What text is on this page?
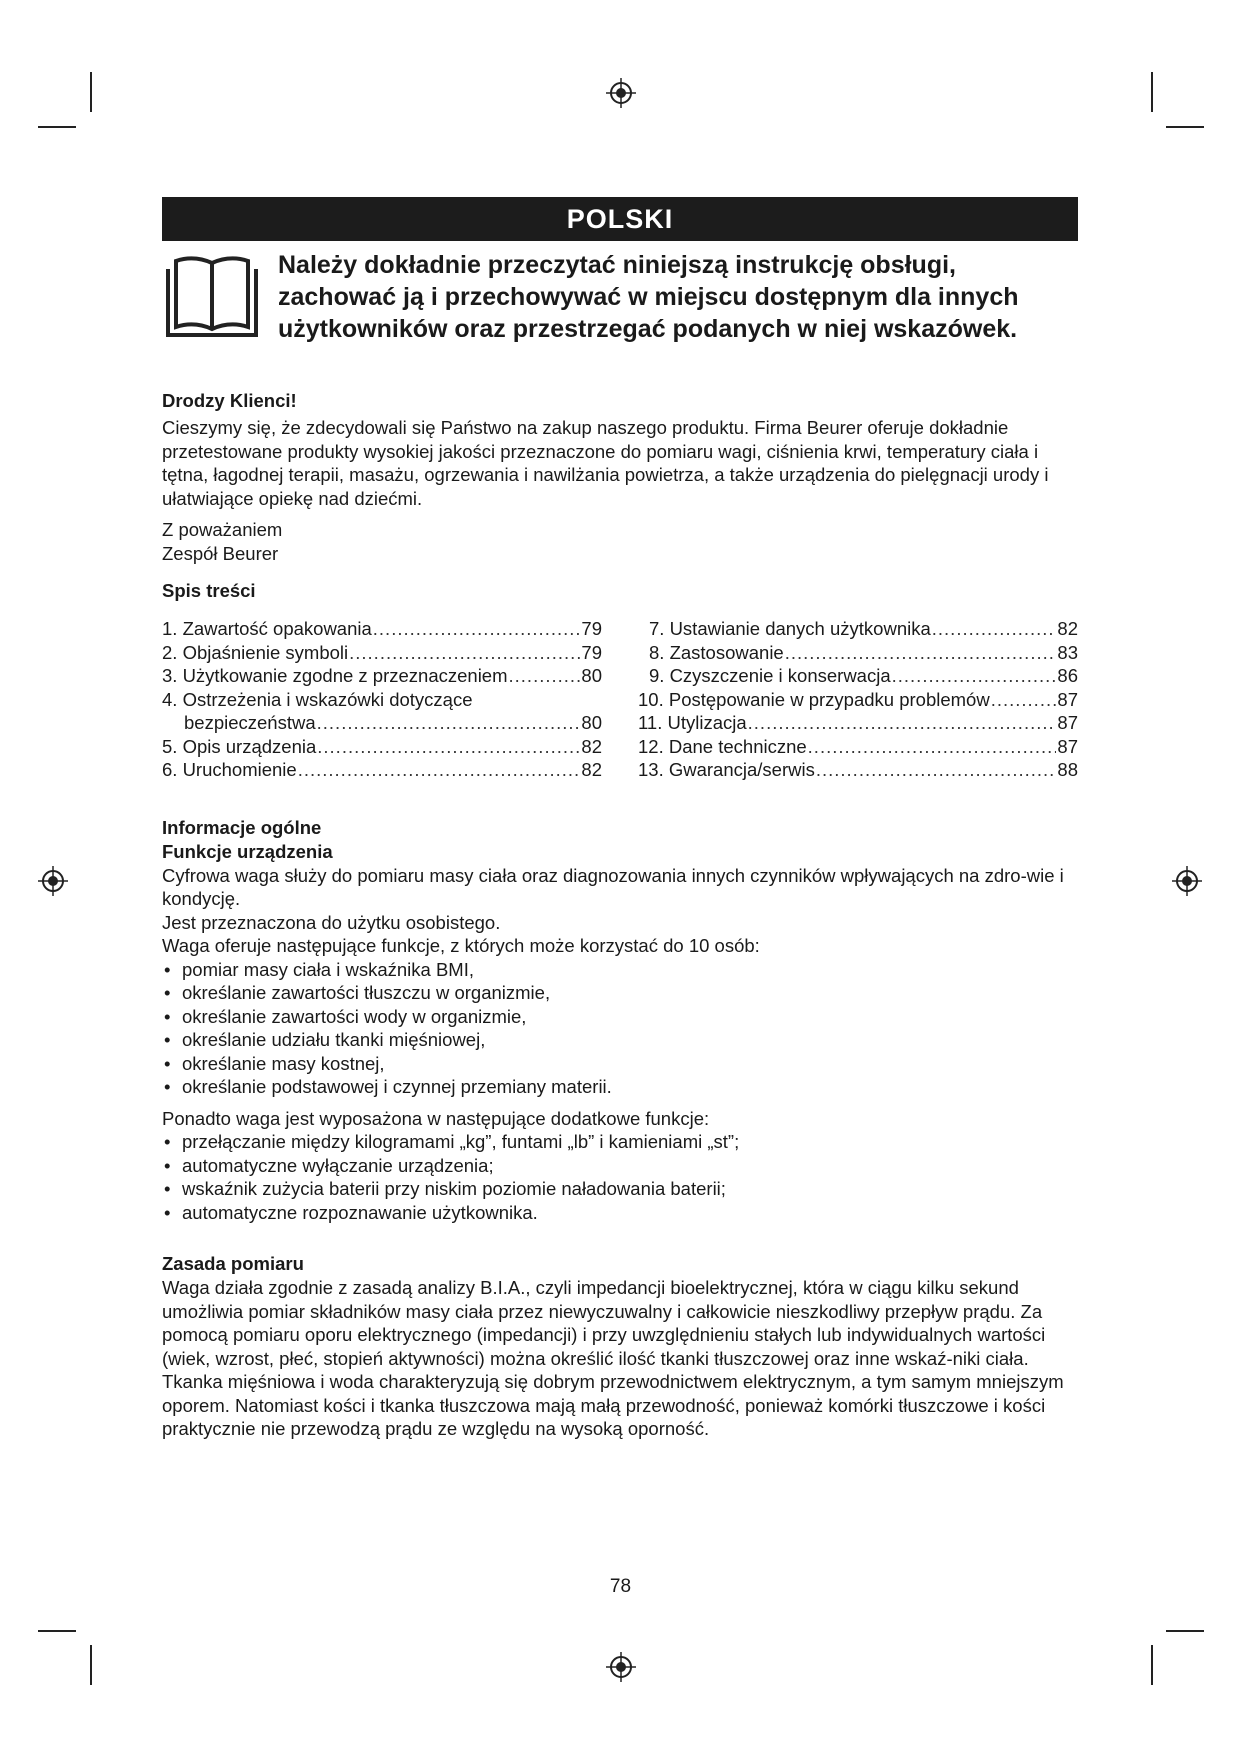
POLSKI
Należy dokładnie przeczytać niniejszą instrukcję obsługi, zachować ją i przechowywać w miejscu dostępnym dla innych użytkowników oraz przestrzegać podanych w niej wskazówek.

Drodzy Klienci!

Cieszymy się, że zdecydowali się Państwo na zakup naszego produktu. Firma Beurer oferuje dokładnie przetestowane produkty wysokiej jakości przeznaczone do pomiaru wagi, ciśnienia krwi, temperatury ciała i tętna, łagodnej terapii, masażu, ogrzewania i nawilżania powietrza, a także urządzenia do pielęgnacji urody i ułatwiające opiekę nad dziećmi.

Z poważaniem

Zespół Beurer

Spis treści

1. Zawartość opakowania .....	79
2. Objaśnienie symboli .....	79
3. Użytkowanie zgodne z przeznaczeniem .....	80
4. Ostrzeżenia i wskazówki dotyczące
bezpieczeństwa .....	80
5. Opis urządzenia .....	82
6. Uruchomienie .....	82
7. Ustawianie danych użytkownika .....	82
8. Zastosowanie .....	83
9. Czyszczenie i konserwacja .....	86
10. Postępowanie w przypadku problemów .....	87
11. Utylizacja .....	87
12. Dane techniczne .....	87
13. Gwarancja/serwis .....	88

Informacje ogólne

Funkcje urządzenia

Cyfrowa waga służy do pomiaru masy ciała oraz diagnozowania innych czynników wpływających na zdro-wie i kondycję.

Jest przeznaczona do użytku osobistego.

Waga oferuje następujące funkcje, z których może korzystać do 10 osób:

• pomiar masy ciała i wskaźnika BMI,
• określanie zawartości tłuszczu w organizmie,
• określanie zawartości wody w organizmie,
• określanie udziału tkanki mięśniowej,
• określanie masy kostnej,
• określanie podstawowej i czynnej przemiany materii.

Ponadto waga jest wyposażona w następujące dodatkowe funkcje:

• przełączanie między kilogramami „kg”, funtami „lb” i kamieniami „st”;
• automatyczne wyłączanie urządzenia;
• wskaźnik zużycia baterii przy niskim poziomie naładowania baterii;
• automatyczne rozpoznawanie użytkownika.

Zasada pomiaru

Waga działa zgodnie z zasadą analizy B.I.A., czyli impedancji bioelektrycznej, która w ciągu kilku sekund umożliwia pomiar składników masy ciała przez niewyczuwalny i całkowicie nieszkodliwy przepływ prądu. Za pomocą pomiaru oporu elektrycznego (impedancji) i przy uwzględnieniu stałych lub indywidualnych wartości (wiek, wzrost, płeć, stopień aktywności) można określić ilość tkanki tłuszczowej oraz inne wskaź-niki ciała. Tkanka mięśniowa i woda charakteryzują się dobrym przewodnictwem elektrycznym, a tym samym mniejszym oporem. Natomiast kości i tkanka tłuszczowa mają małą przewodność, ponieważ komórki tłuszczowe i kości praktycznie nie przewodzą prądu ze względu na wysoką oporność.

78
